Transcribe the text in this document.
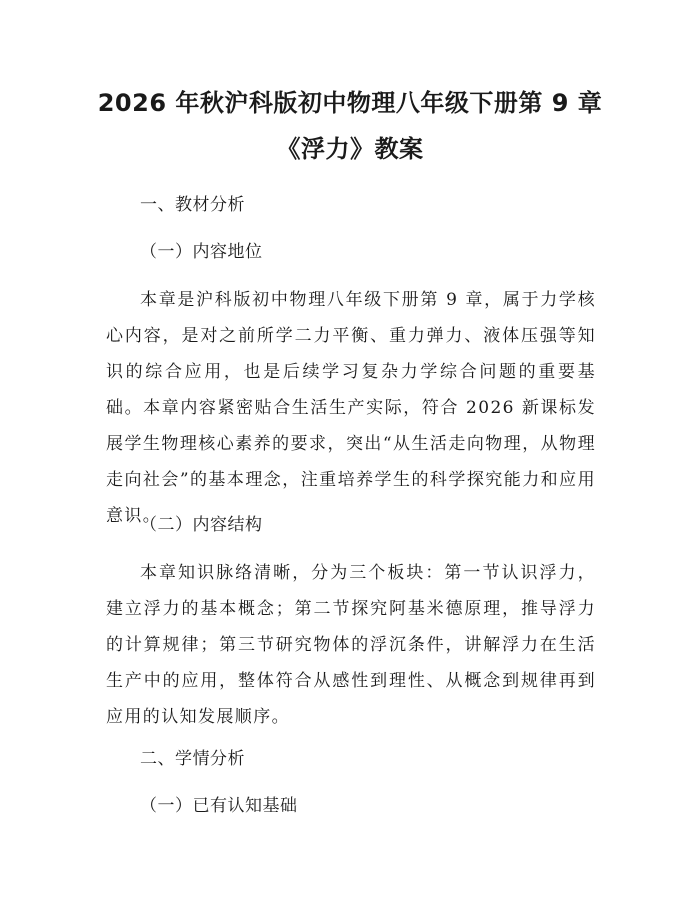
2026 年秋沪科版初中物理八年级下册第 9 章
《浮力》教案
一、教材分析
（一）内容地位

本章是沪科版初中物理八年级下册第 9 章，属于力学核心内容，是对之前所学二力平衡、重力弹力、液体压强等知识的综合应用，也是后续学习复杂力学综合问题的重要基础。本章内容紧密贴合生活生产实际，符合 2026 新课标发展学生物理核心素养的要求，突出“从生活走向物理，从物理走向社会”的基本理念，注重培养学生的科学探究能力和应用意识。

（二）内容结构

本章知识脉络清晰，分为三个板块：第一节认识浮力，建立浮力的基本概念；第二节探究阿基米德原理，推导浮力的计算规律；第三节研究物体的浮沉条件，讲解浮力在生活生产中的应用，整体符合从感性到理性、从概念到规律再到应用的认知发展顺序。

二、学情分析
（一）已有认知基础
